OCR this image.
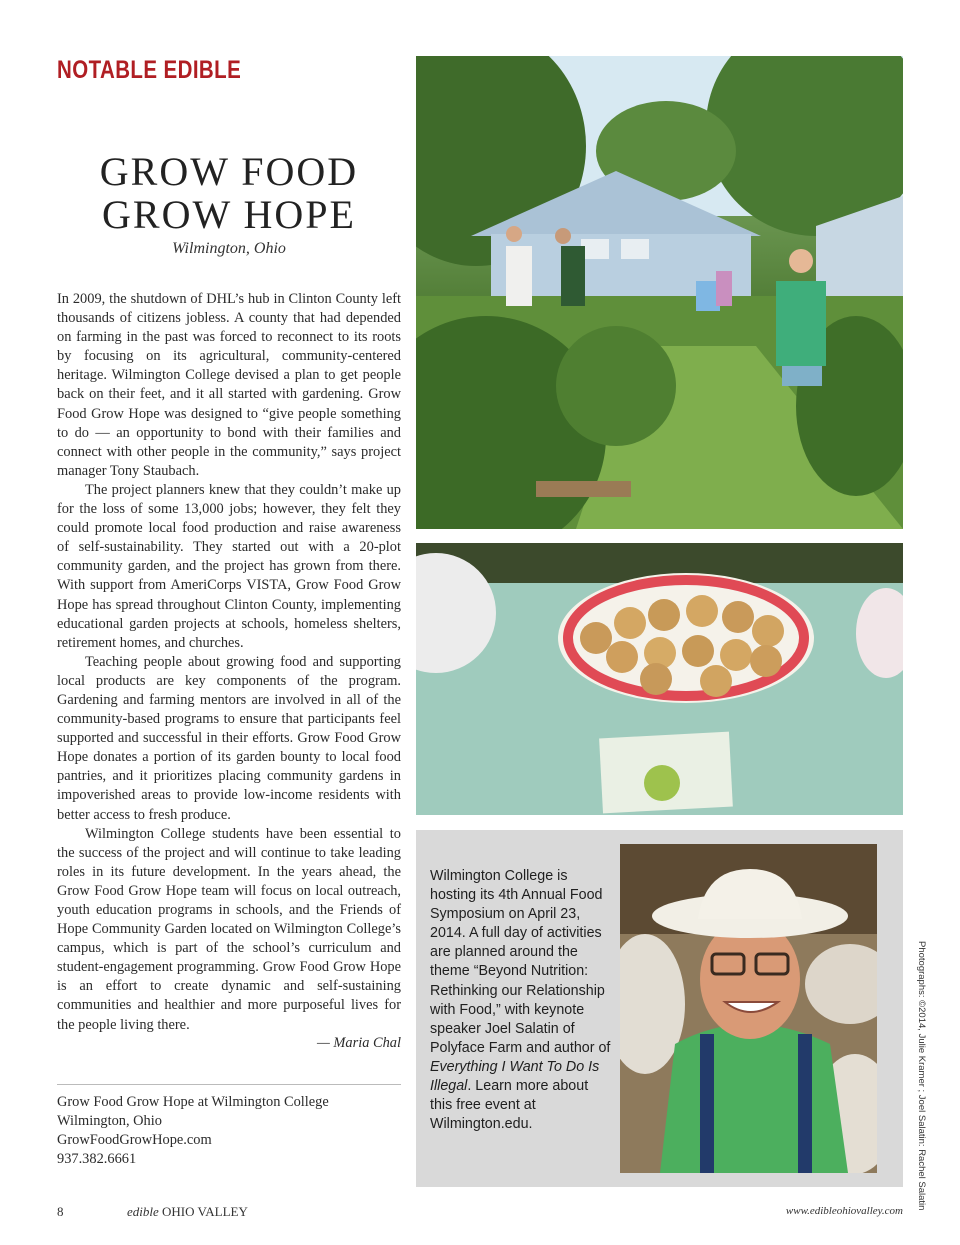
NOTABLE EDIBLE
GROW FOOD
GROW HOPE
Wilmington, Ohio

In 2009, the shutdown of DHL’s hub in Clinton County left thousands of citizens jobless. A county that had depended on farming in the past was forced to reconnect to its roots by focusing on its agricultural, community-centered heritage. Wilmington College devised a plan to get people back on their feet, and it all started with gardening. Grow Food Grow Hope was designed to “give people something to do — an opportunity to bond with their families and connect with other people in the community,” says project manager Tony Staubach.

The project planners knew that they couldn’t make up for the loss of some 13,000 jobs; however, they felt they could promote local food production and raise awareness of self-sustainability. They started out with a 20-plot community garden, and the project has grown from there. With support from AmeriCorps VISTA, Grow Food Grow Hope has spread throughout Clinton County, implementing educational garden projects at schools, homeless shelters, retirement homes, and churches.

Teaching people about growing food and supporting local products are key components of the program. Gardening and farming mentors are involved in all of the community-based programs to ensure that participants feel supported and successful in their efforts. Grow Food Grow Hope donates a portion of its garden bounty to local food pantries, and it prioritizes placing community gardens in impoverished areas to provide low-income residents with better access to fresh produce.

Wilmington College students have been essential to the success of the project and will continue to take leading roles in its future development. In the years ahead, the Grow Food Grow Hope team will focus on local outreach, youth education programs in schools, and the Friends of Hope Community Garden located on Wilmington College’s campus, which is part of the school’s curriculum and student-engagement programming. Grow Food Grow Hope is an effort to create dynamic and self-sustaining communities and healthier and more purposeful lives for the people living there.

— Maria Chal
Grow Food Grow Hope at Wilmington College
Wilmington, Ohio
GrowFoodGrowHope.com
937.382.6661
Wilmington College is hosting its 4th Annual Food Symposium on April 23, 2014. A full day of activities are planned around the theme “Beyond Nutrition: Rethinking our Relationship with Food,” with keynote speaker Joel Salatin of Polyface Farm and author of Everything I Want To Do Is Illegal. Learn more about this free event at Wilmington.edu.	Photographs: ©2014, Julie Kramer ; Joel Salatin: Rachel Salatin
8	edible OHIO VALLEY	www.edibleohiovalley.com
